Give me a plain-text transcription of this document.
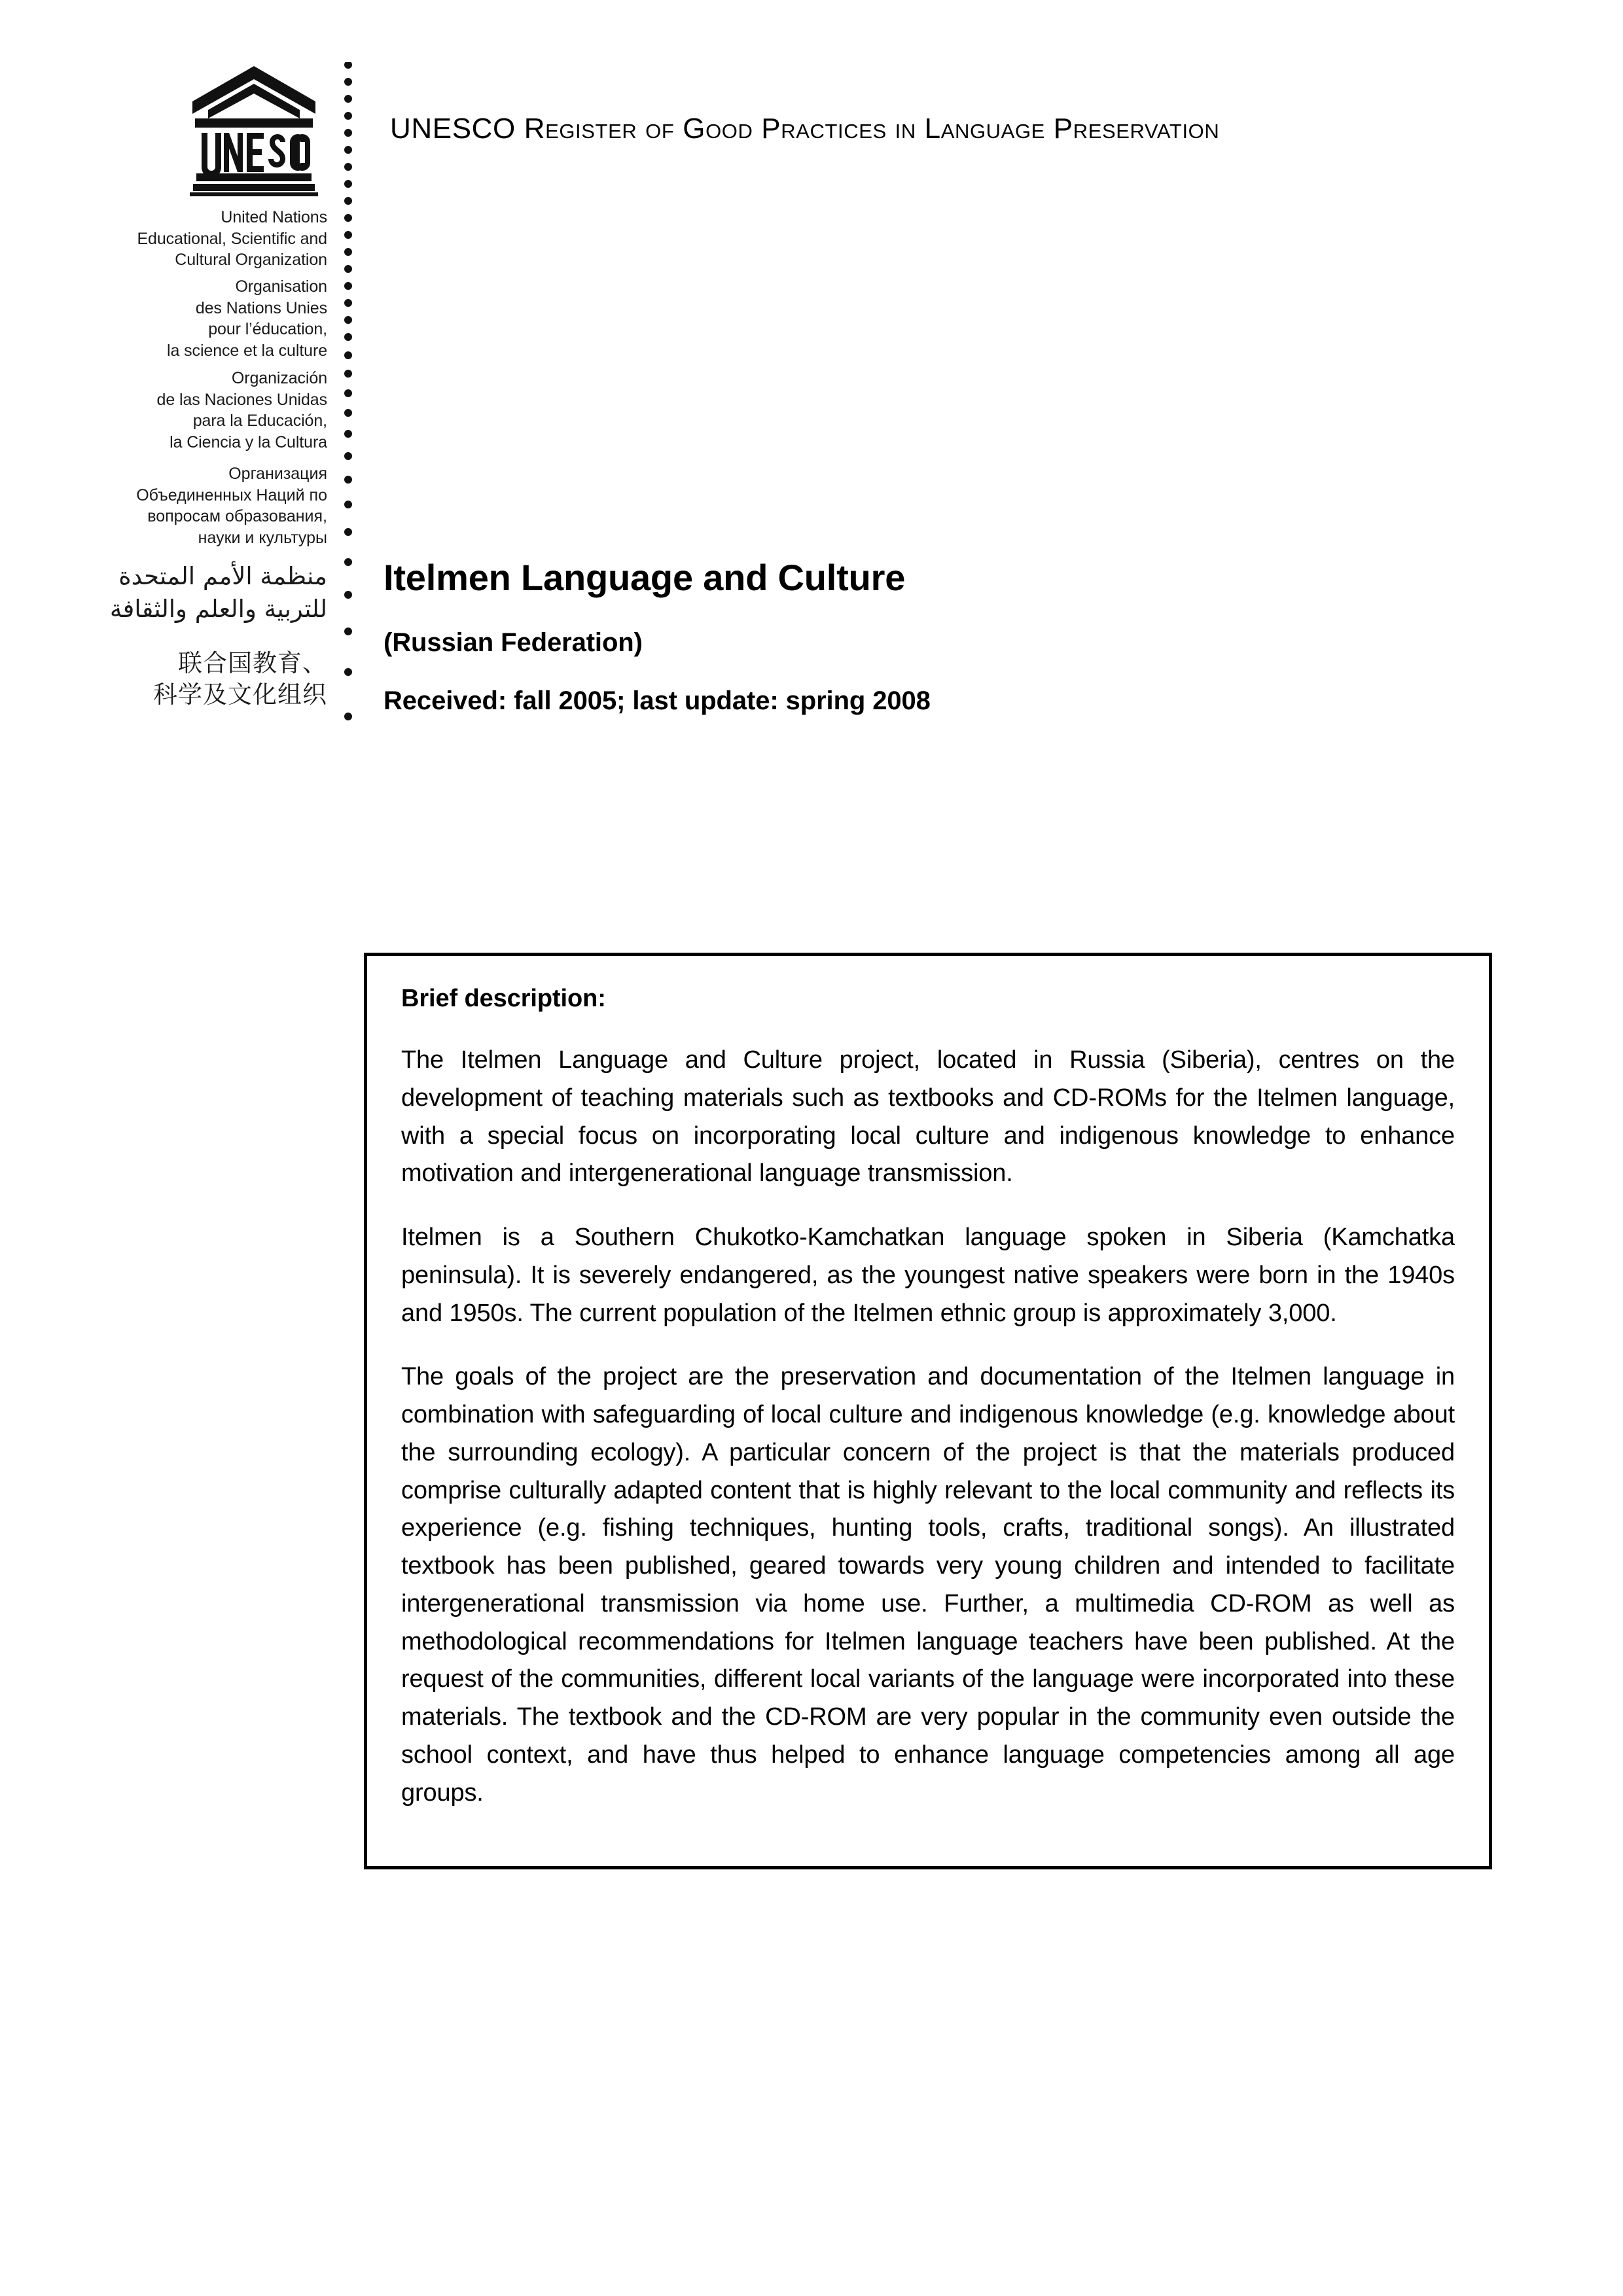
United Nations
Educational, Scientific and
Cultural Organization
Organisation
des Nations Unies
pour l’éducation,
la science et la culture
Organización
de las Naciones Unidas
para la Educación,
la Ciencia y la Cultura
Организация
Объединенных Наций по
вопросам образования,
науки и культуры
منظمة الأمم المتحدة
للتربية والعلم والثقافة
联合国教育、
科学及文化组织
UNESCO Register of Good Practices in Language Preservation
Itelmen Language and Culture

(Russian Federation)

Received: fall 2005; last update: spring 2008

Brief description:

The Itelmen Language and Culture project, located in Russia (Siberia), centres on the development of teaching materials such as textbooks and CD-ROMs for the Itelmen language, with a special focus on incorporating local culture and indigenous knowledge to enhance motivation and intergenerational language transmission.

Itelmen is a Southern Chukotko-Kamchatkan language spoken in Siberia (Kamchatka peninsula). It is severely endangered, as the youngest native speakers were born in the 1940s and 1950s. The current population of the Itelmen ethnic group is approximately 3,000.

The goals of the project are the preservation and documentation of the Itelmen language in combination with safeguarding of local culture and indigenous knowledge (e.g. knowledge about the surrounding ecology). A particular concern of the project is that the materials produced comprise culturally adapted content that is highly relevant to the local community and reflects its experience (e.g. fishing techniques, hunting tools, crafts, traditional songs). An illustrated textbook has been published, geared towards very young children and intended to facilitate intergenerational transmission via home use. Further, a multimedia CD-ROM as well as methodological recommendations for Itelmen language teachers have been published. At the request of the communities, different local variants of the language were incorporated into these materials. The textbook and the CD-ROM are very popular in the community even outside the school context, and have thus helped to enhance language competencies among all age groups.
